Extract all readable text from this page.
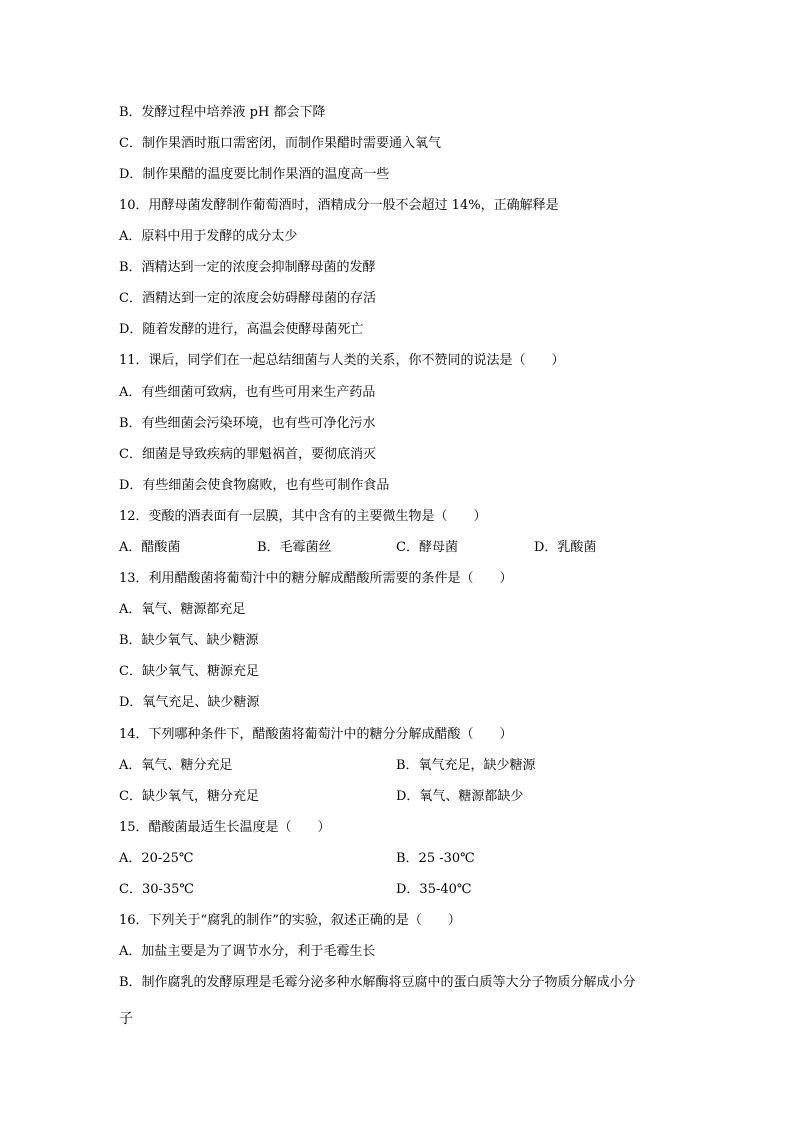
B．发酵过程中培养液 pH 都会下降
C．制作果酒时瓶口需密闭，而制作果醋时需要通入氧气
D．制作果醋的温度要比制作果酒的温度高一些
10．用酵母菌发酵制作葡萄酒时，酒精成分一般不会超过 14%，正确解释是
A．原料中用于发酵的成分太少
B．酒精达到一定的浓度会抑制酵母菌的发酵
C．酒精达到一定的浓度会妨碍酵母菌的存活
D．随着发酵的进行，高温会使酵母菌死亡
11．课后，同学们在一起总结细菌与人类的关系，你不赞同的说法是（　　）
A．有些细菌可致病，也有些可用来生产药品
B．有些细菌会污染环境，也有些可净化污水
C．细菌是导致疾病的罪魁祸首，要彻底消灭
D．有些细菌会使食物腐败，也有些可制作食品
12．变酸的酒表面有一层膜，其中含有的主要微生物是（　　）
A．醋酸菌	B．毛霉菌丝	C．酵母菌	D．乳酸菌
13．利用醋酸菌将葡萄汁中的糖分解成醋酸所需要的条件是（　　）
A．氧气、糖源都充足
B．缺少氧气、缺少糖源
C．缺少氧气、糖源充足
D．氧气充足、缺少糖源
14．下列哪种条件下，醋酸菌将葡萄汁中的糖分分解成醋酸（　　）
A．氧气、糖分充足	B．氧气充足，缺少糖源
C．缺少氧气，糖分充足	D．氧气、糖源都缺少
15．醋酸菌最适生长温度是（　　）
A．20-25℃	B．25 -30℃
C．30-35℃	D．35-40℃
16．下列关于“腐乳的制作”的实验，叙述正确的是（　　）
A．加盐主要是为了调节水分，利于毛霉生长
B．制作腐乳的发酵原理是毛霉分泌多种水解酶将豆腐中的蛋白质等大分子物质分解成小分
子
